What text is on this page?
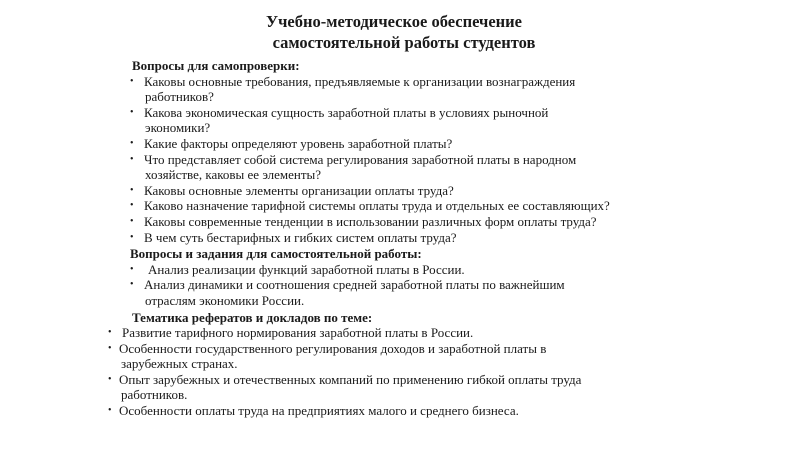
Учебно-методическое обеспечение
самостоятельной работы студентов
Вопросы для самопроверки:
• Каковы основные требования, предъявляемые к организации вознаграждения
работников?
• Какова экономическая сущность заработной платы в условиях рыночной
экономики?
• Какие факторы определяют уровень заработной платы?
• Что представляет собой система регулирования заработной платы в народном
хозяйстве, каковы ее элементы?
• Каковы основные элементы организации оплаты труда?
• Каково назначение тарифной системы оплаты труда и отдельных ее составляющих?
• Каковы современные тенденции в использовании различных форм оплаты труда?
• В чем суть бестарифных и гибких систем оплаты труда?
Вопросы и задания для самостоятельной работы:
• Анализ реализации функций заработной платы в России.
• Анализ динамики и соотношения средней заработной платы по важнейшим
отраслям экономики России.
Тематика рефератов и докладов по теме:
• Развитие тарифного нормирования заработной платы в России.
• Особенности государственного регулирования доходов и заработной платы в
зарубежных странах.
• Опыт зарубежных и отечественных компаний по применению гибкой оплаты труда
работников.
• Особенности оплаты труда на предприятиях малого и среднего бизнеса.
